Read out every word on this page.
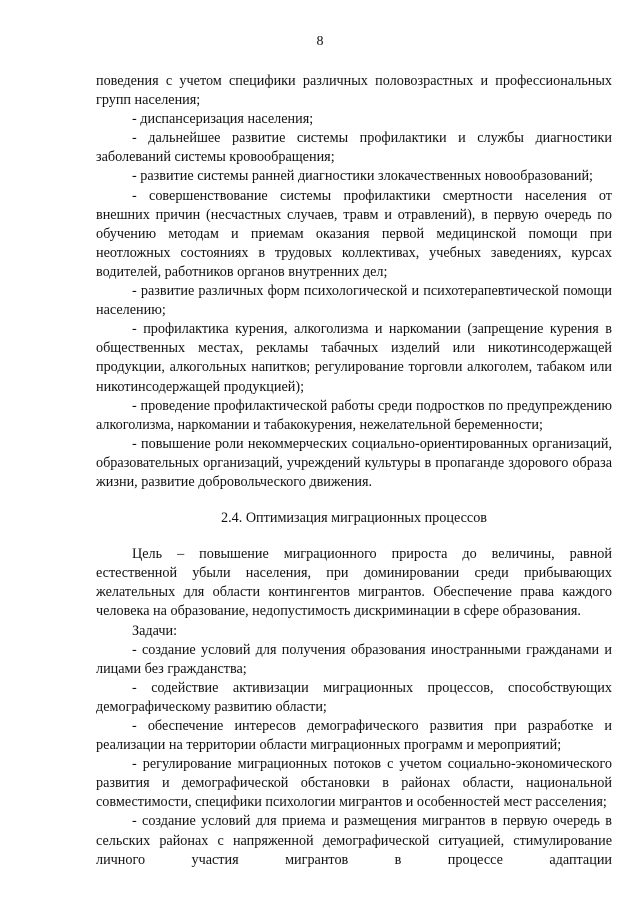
8

поведения с учетом специфики различных половозрастных и профессиональных групп населения;

- диспансеризация населения;

- дальнейшее развитие системы профилактики и службы диагностики заболеваний системы кровообращения;

- развитие системы ранней диагностики злокачественных новообразований;

- совершенствование системы профилактики смертности населения от внешних причин (несчастных случаев, травм и отравлений), в первую очередь по обучению методам и приемам оказания первой медицинской помощи при неотложных состояниях в трудовых коллективах, учебных заведениях, курсах водителей, работников органов внутренних дел;

- развитие различных форм психологической и психотерапевтической помощи населению;

- профилактика курения, алкоголизма и наркомании (запрещение курения в общественных местах, рекламы табачных изделий или никотинсодержащей продукции, алкогольных напитков; регулирование торговли алкоголем, табаком или никотинсодержащей продукцией);

- проведение профилактической работы среди подростков по предупреждению алкоголизма, наркомании и табакокурения, нежелательной беременности;

- повышение роли некоммерческих социально-ориентированных организаций, образовательных организаций, учреждений культуры в пропаганде здорового образа жизни, развитие добровольческого движения.

2.4. Оптимизация миграционных процессов

Цель – повышение миграционного прироста до величины, равной естественной убыли населения, при доминировании среди прибывающих желательных для области контингентов мигрантов. Обеспечение права каждого человека на образование, недопустимость дискриминации в сфере образования.

Задачи:

- создание условий для получения образования иностранными гражданами и лицами без гражданства;

- содействие активизации миграционных процессов, способствующих демографическому развитию области;

- обеспечение интересов демографического развития при разработке и реализации на территории области миграционных программ и мероприятий;

- регулирование миграционных потоков с учетом социально-экономического развития и демографической обстановки в районах области, национальной совместимости, специфики психологии мигрантов и особенностей мест расселения;

- создание условий для приема и размещения мигрантов в первую очередь в сельских районах с напряженной демографической ситуацией, стимулирование личного участия мигрантов в процессе адаптации
